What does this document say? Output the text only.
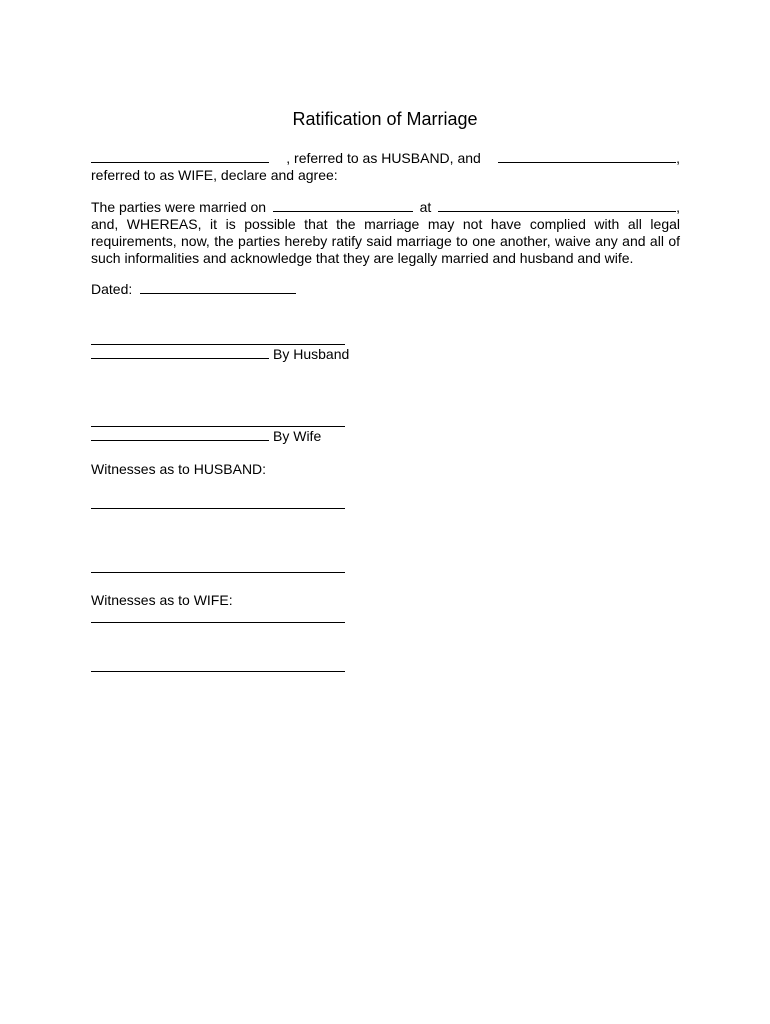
Ratification of Marriage
, referred to as HUSBAND, and	,
referred to as WIFE, declare and agree:
The parties were married on	at	,
and, WHEREAS, it is possible that the marriage may not have complied with all legal requirements, now, the parties hereby ratify said marriage to one another, waive any and all of such informalities and acknowledge that they are legally married and husband and wife.
Dated:
By Husband
By Wife
Witnesses as to HUSBAND:
Witnesses as to WIFE:
